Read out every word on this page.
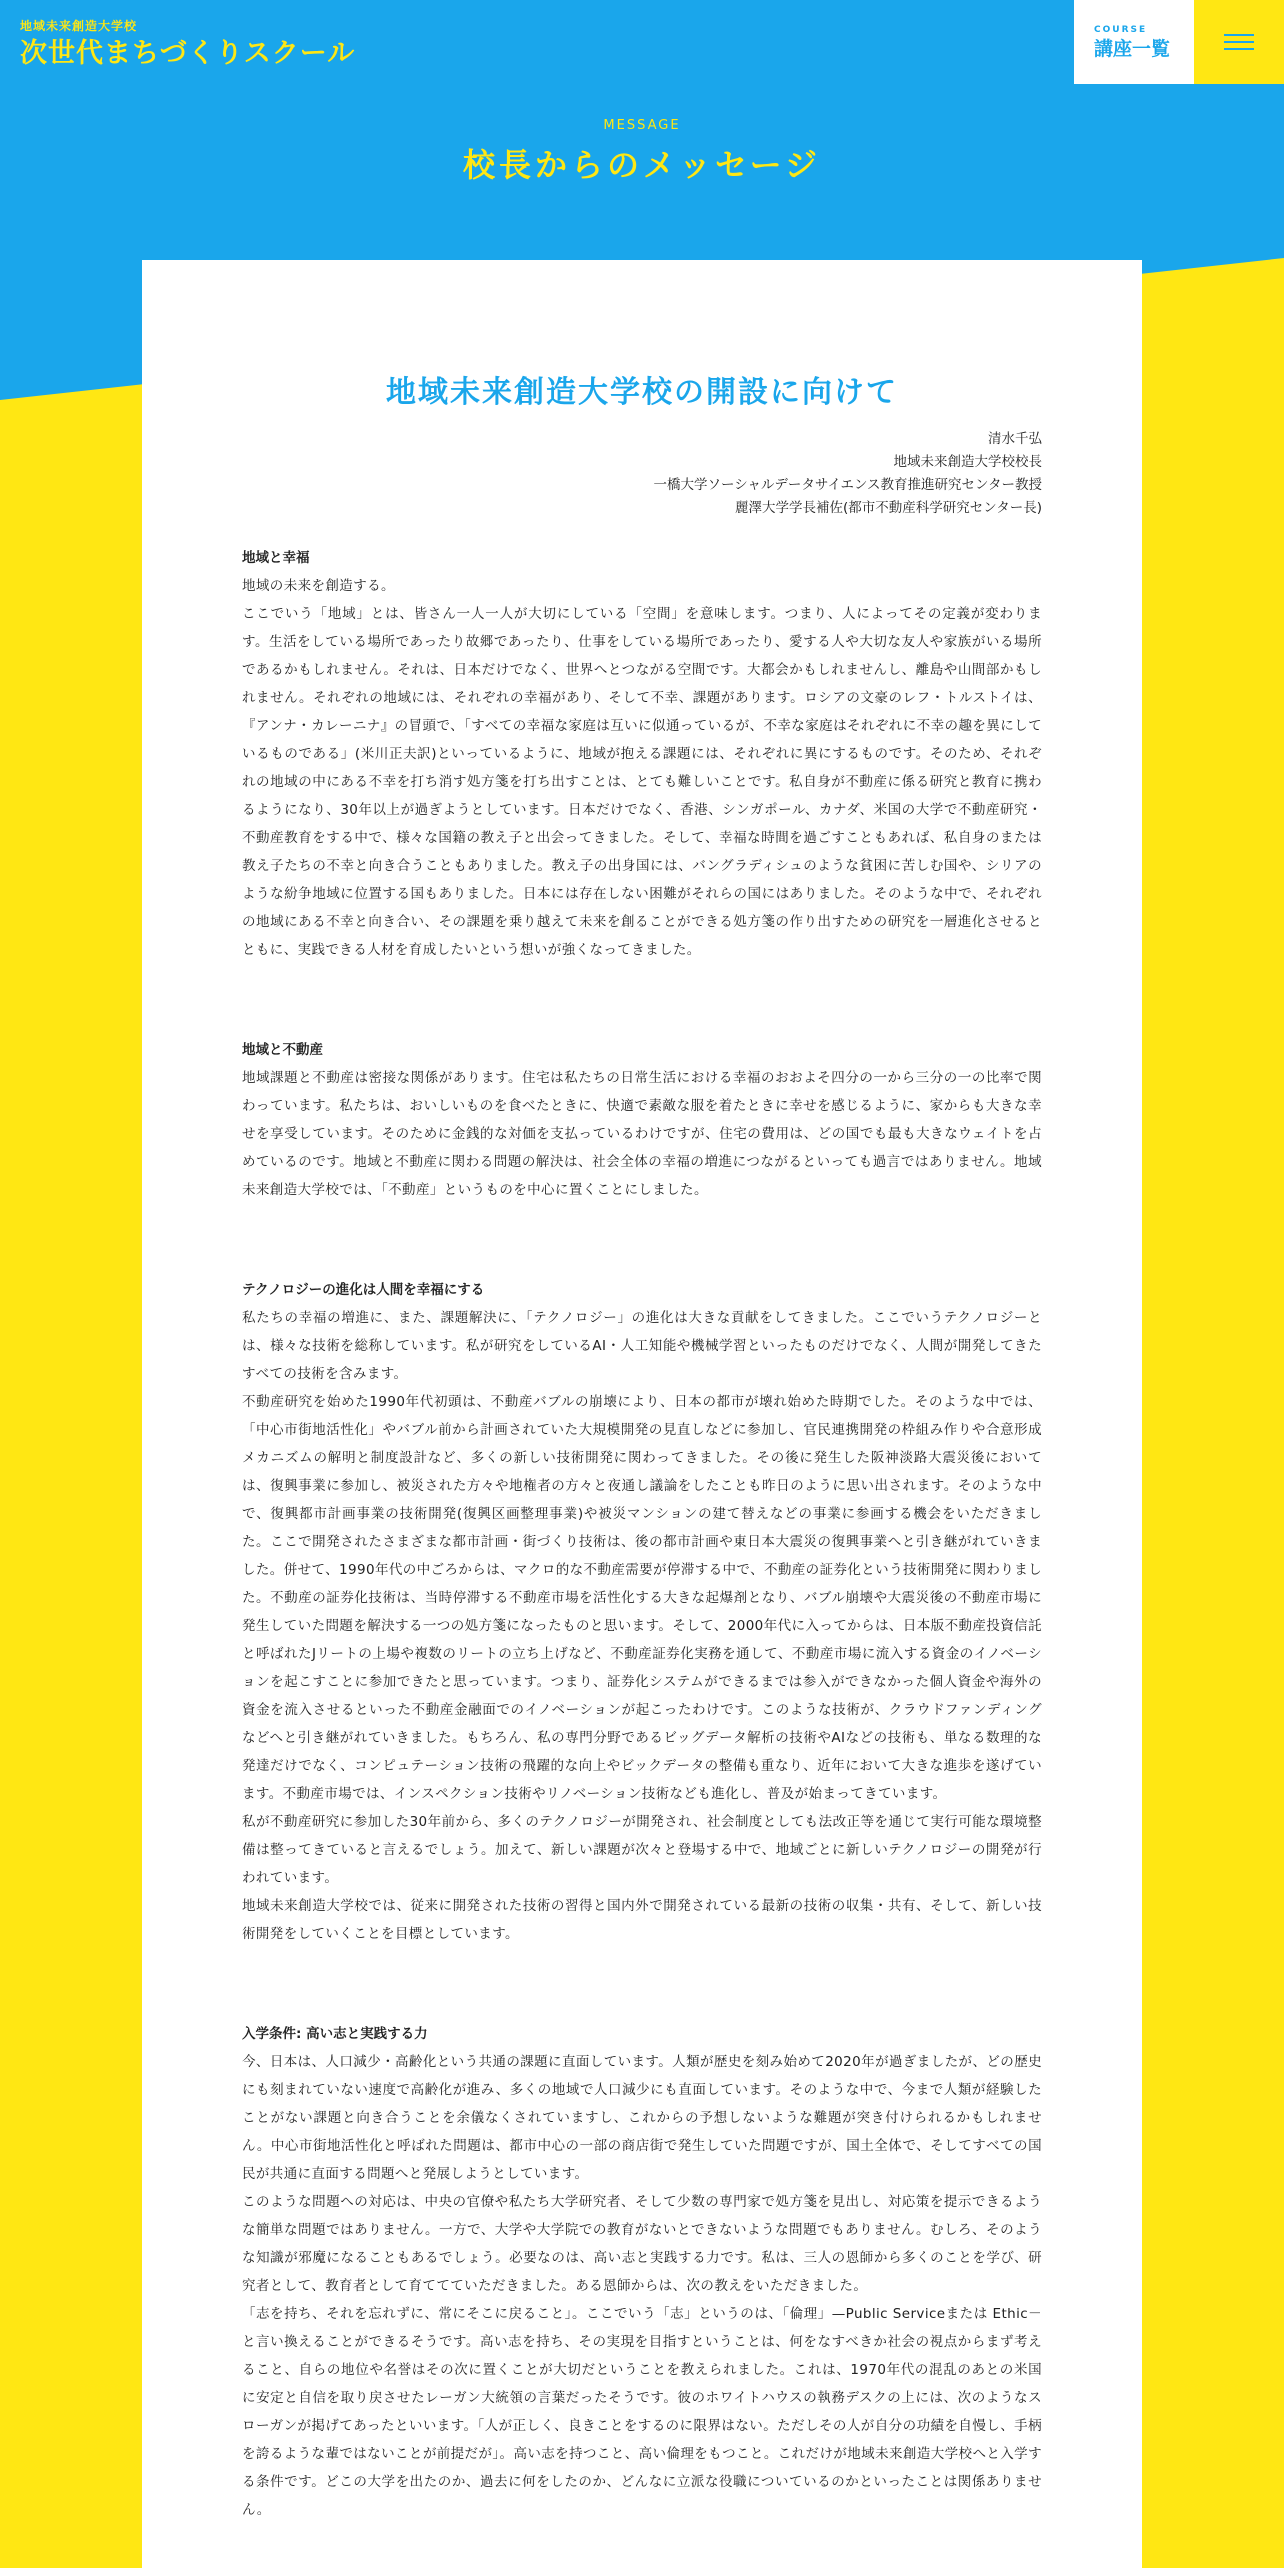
地域未来創造大学校
次世代まちづくりスクール
COURSE
講座一覧
MESSAGE
校長からのメッセージ
地域未来創造大学校の開設に向けて
清水千弘
地域未来創造大学校校長
一橋大学ソーシャルデータサイエンス教育推進研究センター教授
麗澤大学学長補佐(都市不動産科学研究センター長)

地域と幸福

地域の未来を創造する。

ここでいう「地域」とは、皆さん一人一人が大切にしている「空間」を意味します。つまり、人によってその定義が変わります。生活をしている場所であったり故郷であったり、仕事をしている場所であったり、愛する人や大切な友人や家族がいる場所であるかもしれません。それは、日本だけでなく、世界へとつながる空間です。大都会かもしれませんし、離島や山間部かもしれません。それぞれの地域には、それぞれの幸福があり、そして不幸、課題があります。ロシアの文豪のレフ・トルストイは、『アンナ・カレーニナ』の冒頭で、「すべての幸福な家庭は互いに似通っているが、不幸な家庭はそれぞれに不幸の趣を異にしているものである」(米川正夫訳)といっているように、地域が抱える課題には、それぞれに異にするものです。そのため、それぞれの地域の中にある不幸を打ち消す処方箋を打ち出すことは、とても難しいことです。私自身が不動産に係る研究と教育に携わるようになり、30年以上が過ぎようとしています。日本だけでなく、香港、シンガポール、カナダ、米国の大学で不動産研究・不動産教育をする中で、様々な国籍の教え子と出会ってきました。そして、幸福な時間を過ごすこともあれば、私自身のまたは教え子たちの不幸と向き合うこともありました。教え子の出身国には、バングラディシュのような貧困に苦しむ国や、シリアのような紛争地域に位置する国もありました。日本には存在しない困難がそれらの国にはありました。そのような中で、それぞれの地域にある不幸と向き合い、その課題を乗り越えて未来を創ることができる処方箋の作り出すための研究を一層進化させるとともに、実践できる人材を育成したいという想いが強くなってきました。

地域と不動産

地域課題と不動産は密接な関係があります。住宅は私たちの日常生活における幸福のおおよそ四分の一から三分の一の比率で関わっています。私たちは、おいしいものを食べたときに、快適で素敵な服を着たときに幸せを感じるように、家からも大きな幸せを享受しています。そのために金銭的な対価を支払っているわけですが、住宅の費用は、どの国でも最も大きなウェイトを占めているのです。地域と不動産に関わる問題の解決は、社会全体の幸福の増進につながるといっても過言ではありません。地域未来創造大学校では、「不動産」というものを中心に置くことにしました。

テクノロジーの進化は人間を幸福にする

私たちの幸福の増進に、また、課題解決に、「テクノロジー」の進化は大きな貢献をしてきました。ここでいうテクノロジーとは、様々な技術を総称しています。私が研究をしているAI・人工知能や機械学習といったものだけでなく、人間が開発してきたすべての技術を含みます。

不動産研究を始めた1990年代初頭は、不動産バブルの崩壊により、日本の都市が壊れ始めた時期でした。そのような中では、「中心市街地活性化」やバブル前から計画されていた大規模開発の見直しなどに参加し、官民連携開発の枠組み作りや合意形成メカニズムの解明と制度設計など、多くの新しい技術開発に関わってきました。その後に発生した阪神淡路大震災後においては、復興事業に参加し、被災された方々や地権者の方々と夜通し議論をしたことも昨日のように思い出されます。そのような中で、復興都市計画事業の技術開発(復興区画整理事業)や被災マンションの建て替えなどの事業に参画する機会をいただきました。ここで開発されたさまざまな都市計画・街づくり技術は、後の都市計画や東日本大震災の復興事業へと引き継がれていきました。併せて、1990年代の中ごろからは、マクロ的な不動産需要が停滞する中で、不動産の証券化という技術開発に関わりました。不動産の証券化技術は、当時停滞する不動産市場を活性化する大きな起爆剤となり、バブル崩壊や大震災後の不動産市場に発生していた問題を解決する一つの処方箋になったものと思います。そして、2000年代に入ってからは、日本版不動産投資信託と呼ばれたJリートの上場や複数のリートの立ち上げなど、不動産証券化実務を通して、不動産市場に流入する資金のイノベーションを起こすことに参加できたと思っています。つまり、証券化システムができるまでは参入ができなかった個人資金や海外の資金を流入させるといった不動産金融面でのイノベーションが起こったわけです。このような技術が、クラウドファンディングなどへと引き継がれていきました。もちろん、私の専門分野であるビッグデータ解析の技術やAIなどの技術も、単なる数理的な発達だけでなく、コンピュテーション技術の飛躍的な向上やビックデータの整備も重なり、近年において大きな進歩を遂げています。不動産市場では、インスペクション技術やリノベーション技術なども進化し、普及が始まってきています。

私が不動産研究に参加した30年前から、多くのテクノロジーが開発され、社会制度としても法改正等を通じて実行可能な環境整備は整ってきていると言えるでしょう。加えて、新しい課題が次々と登場する中で、地域ごとに新しいテクノロジーの開発が行われています。

地域未来創造大学校では、従来に開発された技術の習得と国内外で開発されている最新の技術の収集・共有、そして、新しい技術開発をしていくことを目標としています。

入学条件: 高い志と実践する力

今、日本は、人口減少・高齢化という共通の課題に直面しています。人類が歴史を刻み始めて2020年が過ぎましたが、どの歴史にも刻まれていない速度で高齢化が進み、多くの地域で人口減少にも直面しています。そのような中で、今まで人類が経験したことがない課題と向き合うことを余儀なくされていますし、これからの予想しないような難題が突き付けられるかもしれません。中心市街地活性化と呼ばれた問題は、都市中心の一部の商店街で発生していた問題ですが、国土全体で、そしてすべての国民が共通に直面する問題へと発展しようとしています。

このような問題への対応は、中央の官僚や私たち大学研究者、そして少数の専門家で処方箋を見出し、対応策を提示できるような簡単な問題ではありません。一方で、大学や大学院での教育がないとできないような問題でもありません。むしろ、そのような知識が邪魔になることもあるでしょう。必要なのは、高い志と実践する力です。私は、三人の恩師から多くのことを学び、研究者として、教育者として育ててていただきました。ある恩師からは、次の教えをいただきました。

「志を持ち、それを忘れずに、常にそこに戻ること」。ここでいう「志」というのは、「倫理」—Public Serviceまたは Ethic－と言い換えることができるそうです。高い志を持ち、その実現を目指すということは、何をなすべきか社会の視点からまず考えること、自らの地位や名誉はその次に置くことが大切だということを教えられました。これは、1970年代の混乱のあとの米国に安定と自信を取り戻させたレーガン大統領の言葉だったそうです。彼のホワイトハウスの執務デスクの上には、次のようなスローガンが掲げてあったといいます。「人が正しく、良きことをするのに限界はない。ただしその人が自分の功績を自慢し、手柄を誇るような輩ではないことが前提だが」。高い志を持つこと、高い倫理をもつこと。これだけが地域未来創造大学校へと入学する条件です。どこの大学を出たのか、過去に何をしたのか、どんなに立派な役職についているのかといったことは関係ありません。
